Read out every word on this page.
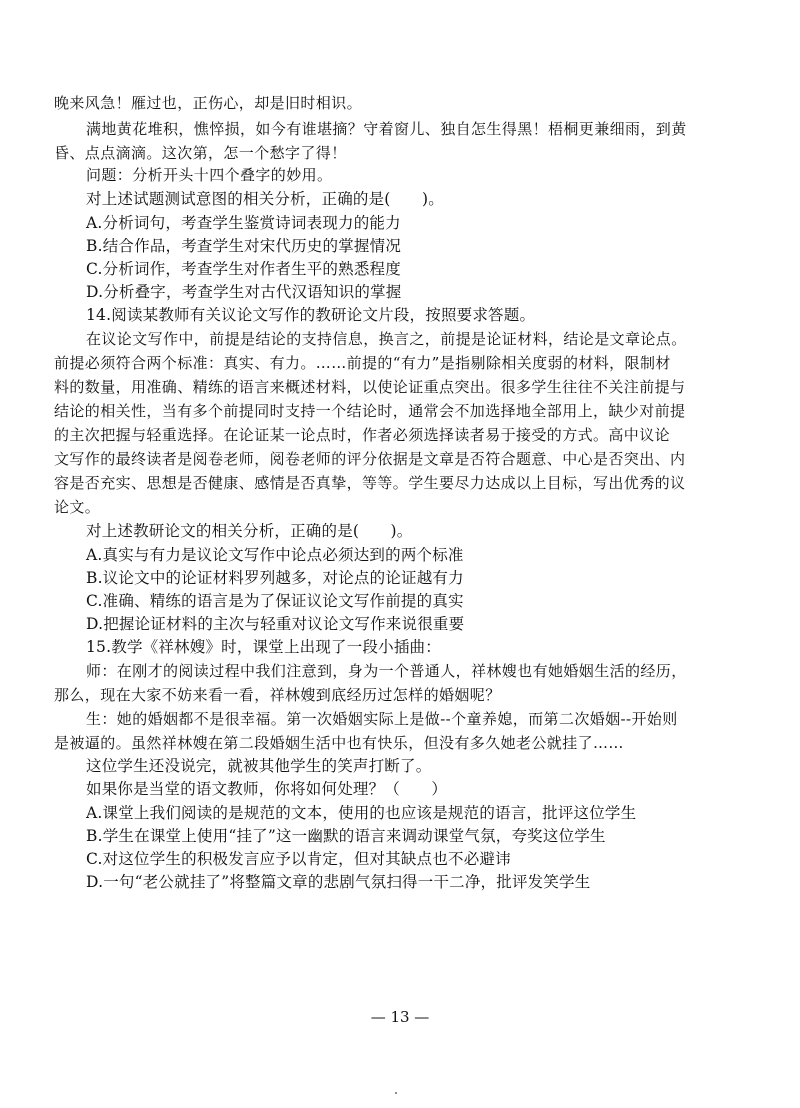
晚来风急！雁过也，正伤心，却是旧时相识。
满地黄花堆积，憔悴损，如今有谁堪摘？守着窗儿、独自怎生得黑！梧桐更兼细雨，到黄
昏、点点滴滴。这次第，怎一个愁字了得！
问题：分析开头十四个叠字的妙用。
对上述试题测试意图的相关分析，正确的是(　　)。
A.分析词句，考查学生鉴赏诗词表现力的能力
B.结合作品，考查学生对宋代历史的掌握情况
C.分析词作，考查学生对作者生平的熟悉程度
D.分析叠字，考查学生对古代汉语知识的掌握
14.阅读某教师有关议论文写作的教研论文片段，按照要求答题。
在议论文写作中，前提是结论的支持信息，换言之，前提是论证材料，结论是文章论点。
前提必须符合两个标准：真实、有力。……前提的“有力”是指剔除相关度弱的材料，限制材
料的数量，用准确、精练的语言来概述材料，以使论证重点突出。很多学生往往不关注前提与
结论的相关性，当有多个前提同时支持一个结论时，通常会不加选择地全部用上，缺少对前提
的主次把握与轻重选择。在论证某一论点时，作者必须选择读者易于接受的方式。高中议论
文写作的最终读者是阅卷老师，阅卷老师的评分依据是文章是否符合题意、中心是否突出、内
容是否充实、思想是否健康、感情是否真挚，等等。学生要尽力达成以上目标，写出优秀的议
论文。
对上述教研论文的相关分析，正确的是(　　)。
A.真实与有力是议论文写作中论点必须达到的两个标准
B.议论文中的论证材料罗列越多，对论点的论证越有力
C.准确、精练的语言是为了保证议论文写作前提的真实
D.把握论证材料的主次与轻重对议论文写作来说很重要
15.教学《祥林嫂》时，课堂上出现了一段小插曲：
师：在刚才的阅读过程中我们注意到，身为一个普通人，祥林嫂也有她婚姻生活的经历，
那么，现在大家不妨来看一看，祥林嫂到底经历过怎样的婚姻呢？
生：她的婚姻都不是很幸福。第一次婚姻实际上是做--个童养媳，而第二次婚姻--开始则
是被逼的。虽然祥林嫂在第二段婚姻生活中也有快乐，但没有多久她老公就挂了……
这位学生还没说完，就被其他学生的笑声打断了。
如果你是当堂的语文教师，你将如何处理？（　　）
A.课堂上我们阅读的是规范的文本，使用的也应该是规范的语言，批评这位学生
B.学生在课堂上使用“挂了”这一幽默的语言来调动课堂气氛，夸奖这位学生
C.对这位学生的积极发言应予以肯定，但对其缺点也不必避讳
D.一句“老公就挂了”将整篇文章的悲剧气氛扫得一干二净，批评发笑学生
— 13 —
